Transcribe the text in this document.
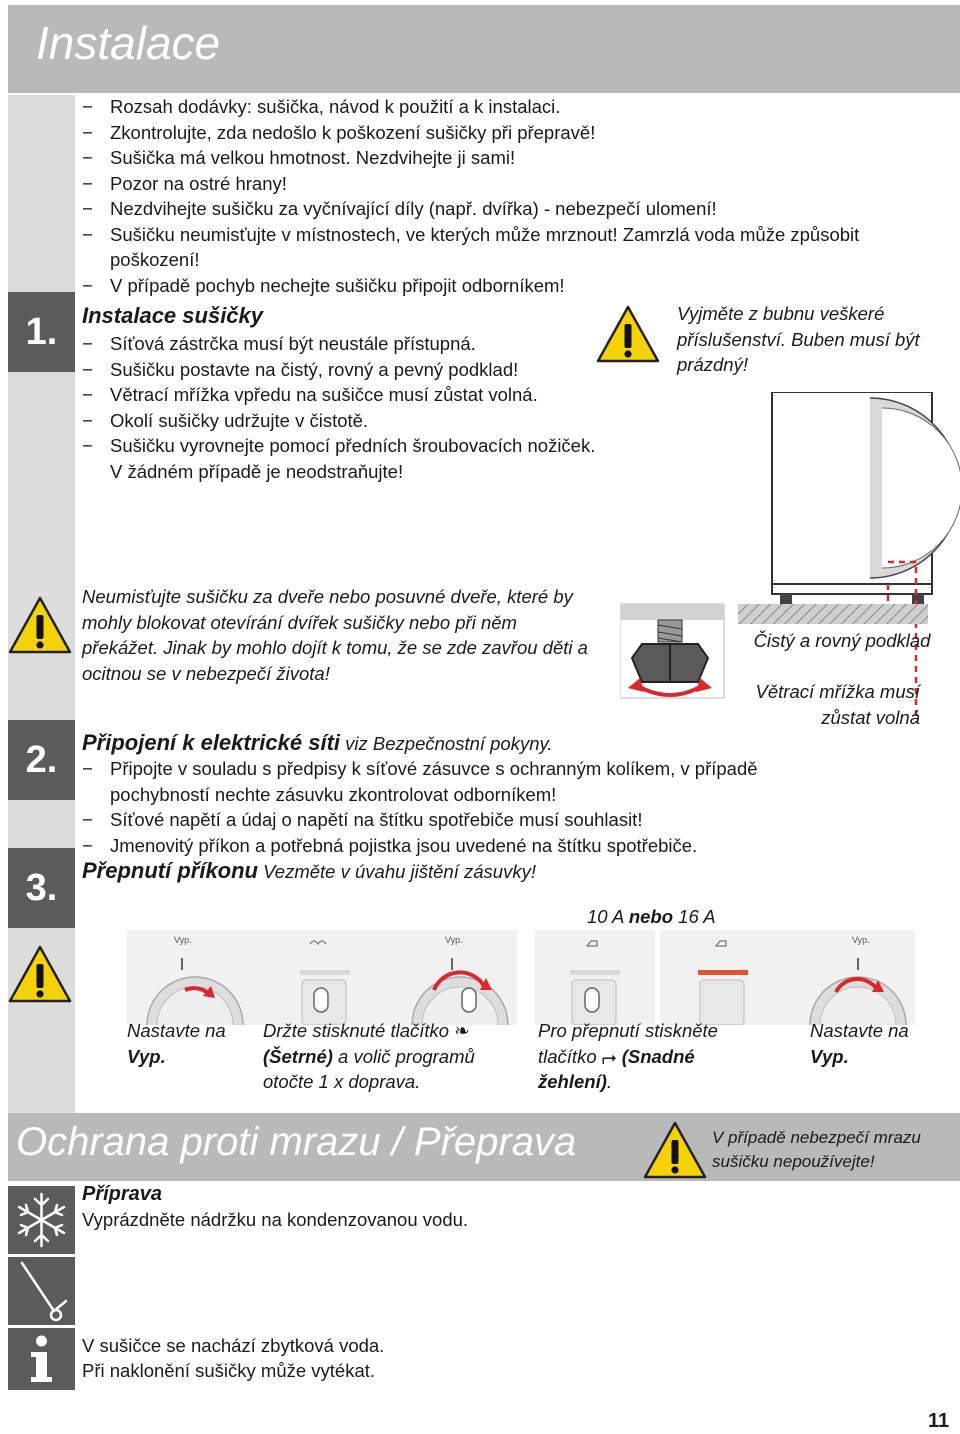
Instalace
− Rozsah dodávky: sušička, návod k použití a k instalaci.
− Zkontrolujte, zda nedošlo k poškození sušičky při přepravě!
− Sušička má velkou hmotnost. Nezdvihejte ji sami!
− Pozor na ostré hrany!
− Nezdvihejte sušičku za vyčnívající díly (např. dvířka) - nebezpečí ulomení!
− Sušičku neumisťujte v místnostech, ve kterých může mrznout! Zamrzlá voda může způsobit poškození!
− V případě pochyb nechejte sušičku připojit odborníkem!
1.	Instalace sušičky
− Síťová zástrčka musí být neustále přístupná.
− Sušičku postavte na čistý, rovný a pevný podklad!
− Větrací mřížka vpředu na sušičce musí zůstat volná.
− Okolí sušičky udržujte v čistotě.
− Sušičku vyrovnejte pomocí předních šroubovacích nožiček. V žádném případě je neodstraňujte!
Vyjměte z bubnu veškeré příslušenství. Buben musí být prázdný!
Čistý a rovný podklad
Větrací mřížka musí zůstat volná
Neumisťujte sušičku za dveře nebo posuvné dveře, které by mohly blokovat otevírání dvířek sušičky nebo při něm překážet. Jinak by mohlo dojít k tomu, že se zde zavřou děti a ocitnou se v nebezpečí života!
2.	Připojení k elektrické síti viz Bezpečnostní pokyny.
− Připojte v souladu s předpisy k síťové zásuvce s ochranným kolíkem, v případě pochybností nechte zásuvku zkontrolovat odborníkem!
− Síťové napětí a údaj o napětí na štítku spotřebiče musí souhlasit!
− Jmenovitý příkon a potřebná pojistka jsou uvedené na štítku spotřebiče.
3.	Přepnutí příkonu Vezměte v úvahu jištění zásuvky!
10 A nebo 16 A
Vyp.	Vyp.	Vyp.
Nastavte na
Vyp.
Držte stisknuté tlačítko ❧
(Šetrné) a volič programů otočte 1 x doprava.
Pro přepnutí stiskněte tlačítko ⮣ (Snadné žehlení).
Nastavte na
Vyp.
Ochrana proti mrazu / Přeprava	V případě nebezpečí mrazu sušičku nepoužívejte!
Příprava
Vyprázdněte nádržku na kondenzovanou vodu.
V sušičce se nachází zbytková voda.
Při naklonění sušičky může vytékat.
11
